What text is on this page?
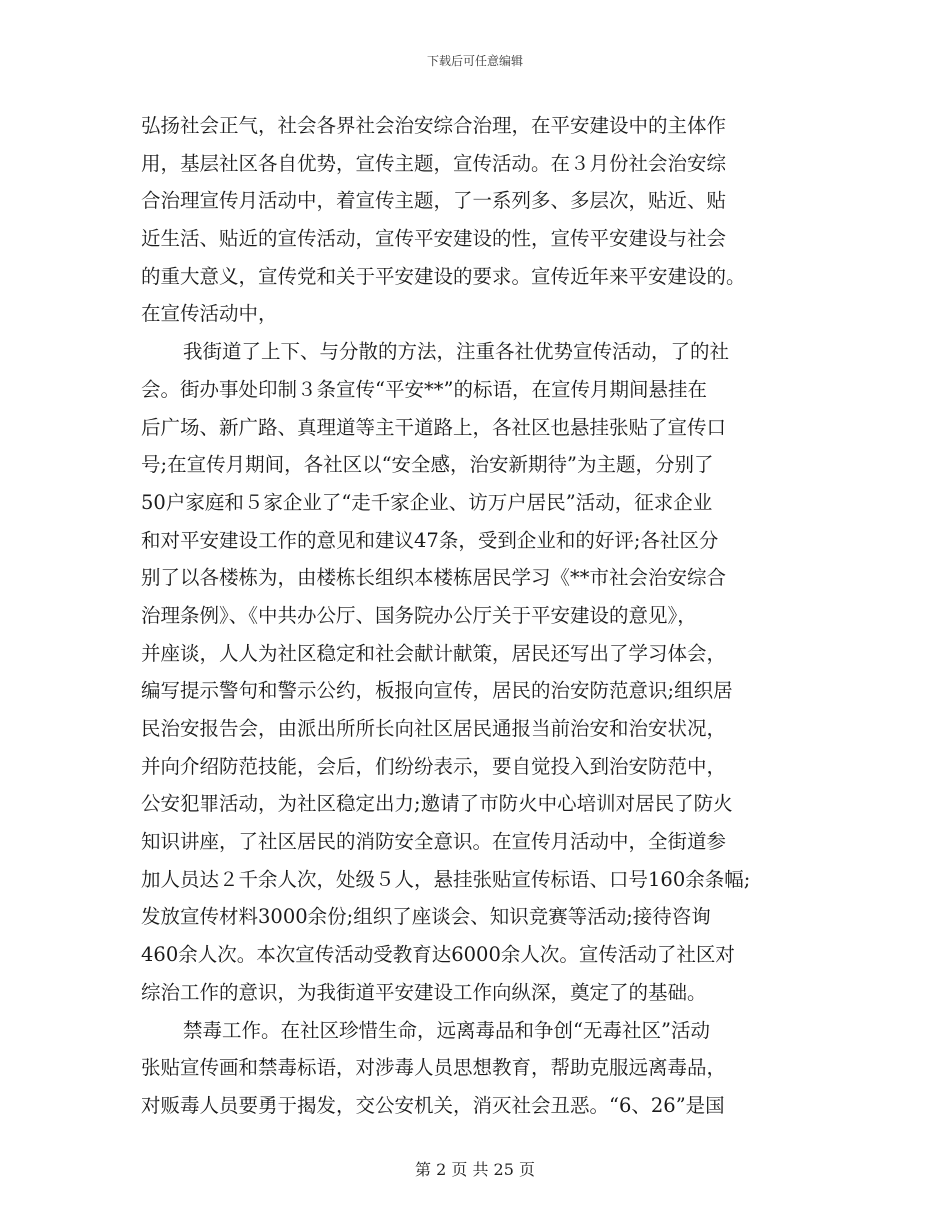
下载后可任意编辑
弘扬社会正气，社会各界社会治安综合治理，在平安建设中的主体作
用，基层社区各自优势，宣传主题，宣传活动。在３月份社会治安综
合治理宣传月活动中，着宣传主题，了一系列多、多层次，贴近、贴
近生活、贴近的宣传活动，宣传平安建设的性，宣传平安建设与社会
的重大意义，宣传党和关于平安建设的要求。宣传近年来平安建设的。
在宣传活动中，
我街道了上下、与分散的方法，注重各社优势宣传活动，了的社
会。街办事处印制３条宣传“平安**”的标语，在宣传月期间悬挂在
后广场、新广路、真理道等主干道路上，各社区也悬挂张贴了宣传口
号;在宣传月期间，各社区以“安全感，治安新期待”为主题，分别了
50户家庭和５家企业了“走千家企业、访万户居民”活动，征求企业
和对平安建设工作的意见和建议47条，受到企业和的好评;各社区分
别了以各楼栋为，由楼栋长组织本楼栋居民学习《**市社会治安综合
治理条例》、《中共办公厅、国务院办公厅关于平安建设的意见》，
并座谈，人人为社区稳定和社会献计献策，居民还写出了学习体会，
编写提示警句和警示公约，板报向宣传，居民的治安防范意识;组织居
民治安报告会，由派出所所长向社区居民通报当前治安和治安状况，
并向介绍防范技能，会后，们纷纷表示，要自觉投入到治安防范中，
公安犯罪活动，为社区稳定出力;邀请了市防火中心培训对居民了防火
知识讲座，了社区居民的消防安全意识。在宣传月活动中，全街道参
加人员达２千余人次，处级５人，悬挂张贴宣传标语、口号160余条幅;
发放宣传材料3000余份;组织了座谈会、知识竞赛等活动;接待咨询
460余人次。本次宣传活动受教育达6000余人次。宣传活动了社区对
综治工作的意识，为我街道平安建设工作向纵深，奠定了的基础。
禁毒工作。在社区珍惜生命，远离毒品和争创“无毒社区”活动
张贴宣传画和禁毒标语，对涉毒人员思想教育，帮助克服远离毒品，
对贩毒人员要勇于揭发，交公安机关，消灭社会丑恶。“6、26”是国
第 2 页 共 25 页
